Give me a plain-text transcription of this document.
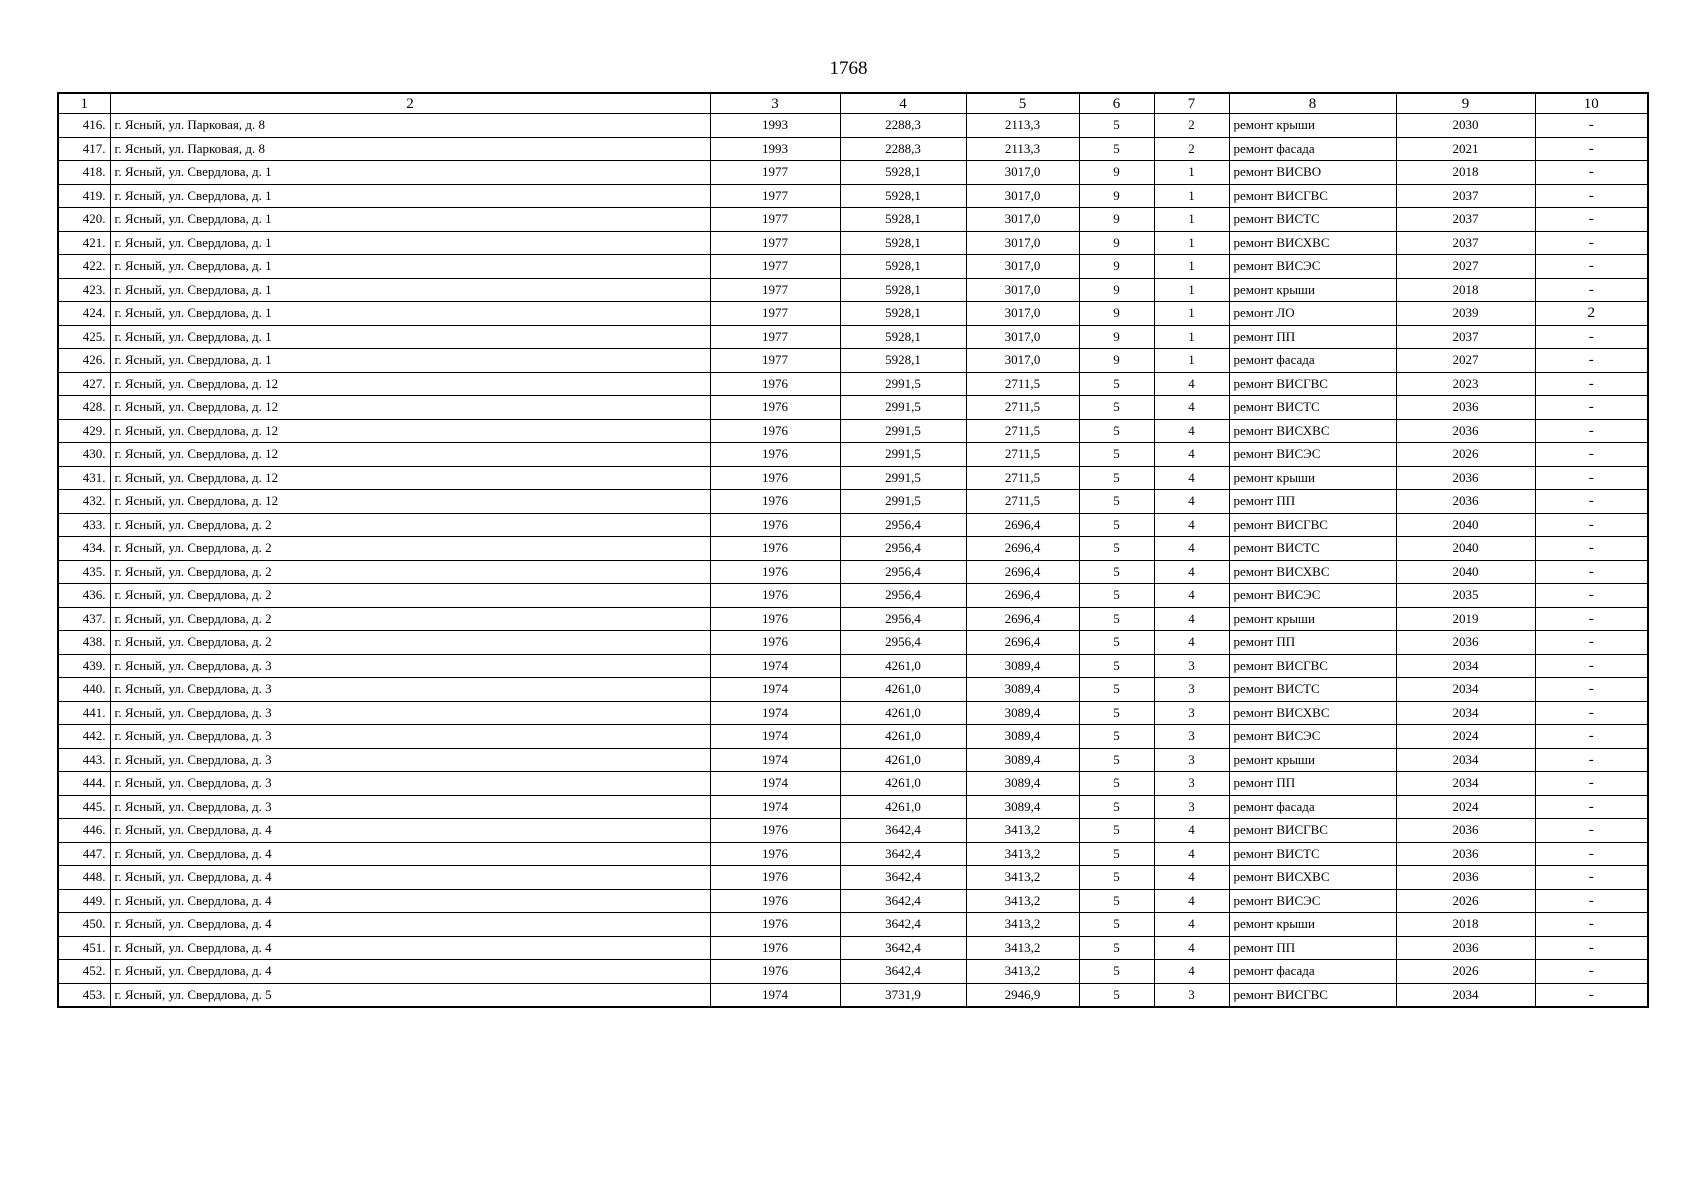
1768
1	2	3	4	5	6	7	8	9	10
416.	г. Ясный, ул. Парковая, д. 8	1993	2288,3	2113,3	5	2	ремонт крыши	2030	-
417.	г. Ясный, ул. Парковая, д. 8	1993	2288,3	2113,3	5	2	ремонт фасада	2021	-
418.	г. Ясный, ул. Свердлова, д. 1	1977	5928,1	3017,0	9	1	ремонт ВИСВО	2018	-
419.	г. Ясный, ул. Свердлова, д. 1	1977	5928,1	3017,0	9	1	ремонт ВИСГВС	2037	-
420.	г. Ясный, ул. Свердлова, д. 1	1977	5928,1	3017,0	9	1	ремонт ВИСТС	2037	-
421.	г. Ясный, ул. Свердлова, д. 1	1977	5928,1	3017,0	9	1	ремонт ВИСХВС	2037	-
422.	г. Ясный, ул. Свердлова, д. 1	1977	5928,1	3017,0	9	1	ремонт ВИСЭС	2027	-
423.	г. Ясный, ул. Свердлова, д. 1	1977	5928,1	3017,0	9	1	ремонт крыши	2018	-
424.	г. Ясный, ул. Свердлова, д. 1	1977	5928,1	3017,0	9	1	ремонт ЛО	2039	2
425.	г. Ясный, ул. Свердлова, д. 1	1977	5928,1	3017,0	9	1	ремонт ПП	2037	-
426.	г. Ясный, ул. Свердлова, д. 1	1977	5928,1	3017,0	9	1	ремонт фасада	2027	-
427.	г. Ясный, ул. Свердлова, д. 12	1976	2991,5	2711,5	5	4	ремонт ВИСГВС	2023	-
428.	г. Ясный, ул. Свердлова, д. 12	1976	2991,5	2711,5	5	4	ремонт ВИСТС	2036	-
429.	г. Ясный, ул. Свердлова, д. 12	1976	2991,5	2711,5	5	4	ремонт ВИСХВС	2036	-
430.	г. Ясный, ул. Свердлова, д. 12	1976	2991,5	2711,5	5	4	ремонт ВИСЭС	2026	-
431.	г. Ясный, ул. Свердлова, д. 12	1976	2991,5	2711,5	5	4	ремонт крыши	2036	-
432.	г. Ясный, ул. Свердлова, д. 12	1976	2991,5	2711,5	5	4	ремонт ПП	2036	-
433.	г. Ясный, ул. Свердлова, д. 2	1976	2956,4	2696,4	5	4	ремонт ВИСГВС	2040	-
434.	г. Ясный, ул. Свердлова, д. 2	1976	2956,4	2696,4	5	4	ремонт ВИСТС	2040	-
435.	г. Ясный, ул. Свердлова, д. 2	1976	2956,4	2696,4	5	4	ремонт ВИСХВС	2040	-
436.	г. Ясный, ул. Свердлова, д. 2	1976	2956,4	2696,4	5	4	ремонт ВИСЭС	2035	-
437.	г. Ясный, ул. Свердлова, д. 2	1976	2956,4	2696,4	5	4	ремонт крыши	2019	-
438.	г. Ясный, ул. Свердлова, д. 2	1976	2956,4	2696,4	5	4	ремонт ПП	2036	-
439.	г. Ясный, ул. Свердлова, д. 3	1974	4261,0	3089,4	5	3	ремонт ВИСГВС	2034	-
440.	г. Ясный, ул. Свердлова, д. 3	1974	4261,0	3089,4	5	3	ремонт ВИСТС	2034	-
441.	г. Ясный, ул. Свердлова, д. 3	1974	4261,0	3089,4	5	3	ремонт ВИСХВС	2034	-
442.	г. Ясный, ул. Свердлова, д. 3	1974	4261,0	3089,4	5	3	ремонт ВИСЭС	2024	-
443.	г. Ясный, ул. Свердлова, д. 3	1974	4261,0	3089,4	5	3	ремонт крыши	2034	-
444.	г. Ясный, ул. Свердлова, д. 3	1974	4261,0	3089,4	5	3	ремонт ПП	2034	-
445.	г. Ясный, ул. Свердлова, д. 3	1974	4261,0	3089,4	5	3	ремонт фасада	2024	-
446.	г. Ясный, ул. Свердлова, д. 4	1976	3642,4	3413,2	5	4	ремонт ВИСГВС	2036	-
447.	г. Ясный, ул. Свердлова, д. 4	1976	3642,4	3413,2	5	4	ремонт ВИСТС	2036	-
448.	г. Ясный, ул. Свердлова, д. 4	1976	3642,4	3413,2	5	4	ремонт ВИСХВС	2036	-
449.	г. Ясный, ул. Свердлова, д. 4	1976	3642,4	3413,2	5	4	ремонт ВИСЭС	2026	-
450.	г. Ясный, ул. Свердлова, д. 4	1976	3642,4	3413,2	5	4	ремонт крыши	2018	-
451.	г. Ясный, ул. Свердлова, д. 4	1976	3642,4	3413,2	5	4	ремонт ПП	2036	-
452.	г. Ясный, ул. Свердлова, д. 4	1976	3642,4	3413,2	5	4	ремонт фасада	2026	-
453.	г. Ясный, ул. Свердлова, д. 5	1974	3731,9	2946,9	5	3	ремонт ВИСГВС	2034	-
